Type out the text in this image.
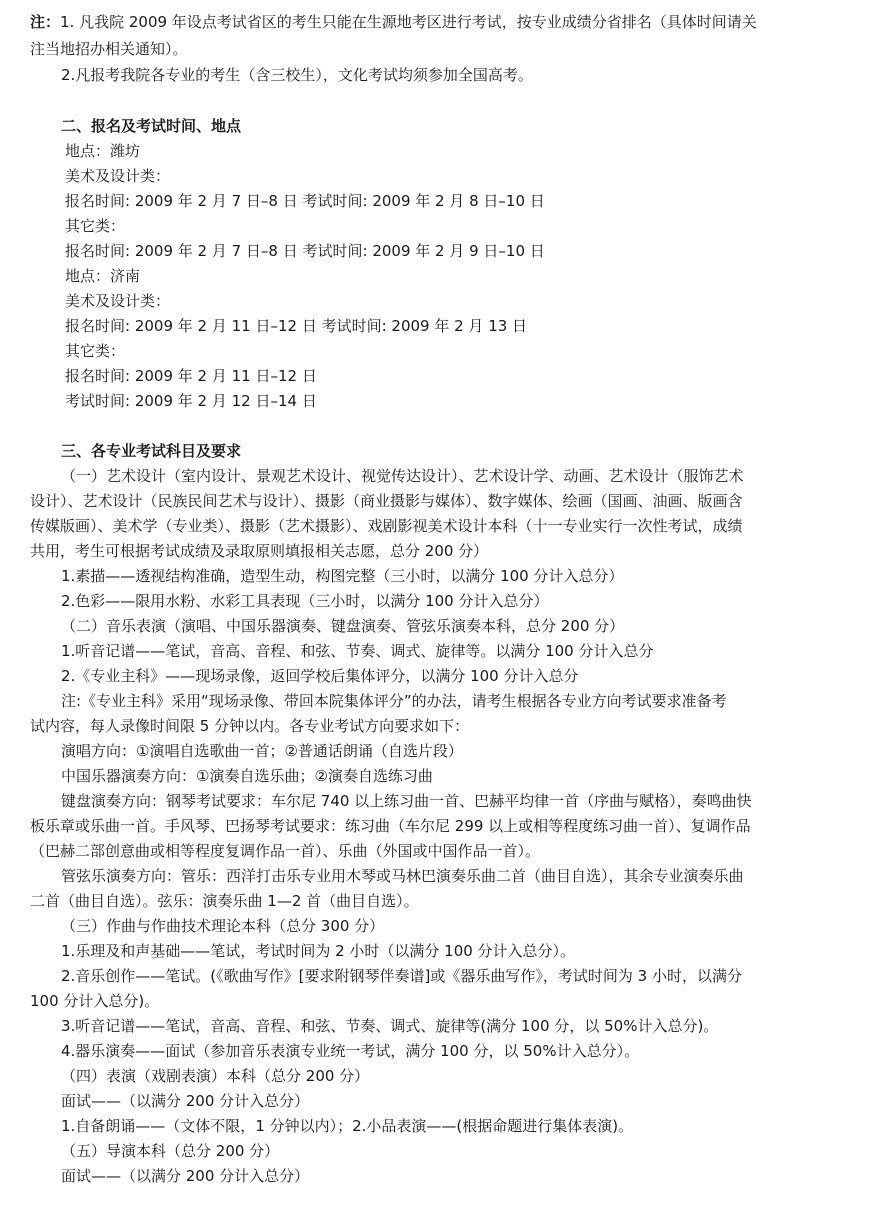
注：1. 凡我院 2009 年设点考试省区的考生只能在生源地考区进行考试，按专业成绩分省排名（具体时间请关
注当地招办相关通知）。
2.凡报考我院各专业的考生（含三校生），文化考试均须参加全国高考。
二、报名及考试时间、地点
地点：潍坊
美术及设计类：
报名时间: 2009 年 2 月 7 日–8 日 考试时间: 2009 年 2 月 8 日–10 日
其它类：
报名时间: 2009 年 2 月 7 日–8 日 考试时间: 2009 年 2 月 9 日–10 日
地点：济南
美术及设计类：
报名时间: 2009 年 2 月 11 日–12 日 考试时间: 2009 年 2 月 13 日
其它类：
报名时间: 2009 年 2 月 11 日–12 日
考试时间: 2009 年 2 月 12 日–14 日
三、各专业考试科目及要求
（一）艺术设计（室内设计、景观艺术设计、视觉传达设计）、艺术设计学、动画、艺术设计（服饰艺术
设计）、艺术设计（民族民间艺术与设计）、摄影（商业摄影与媒体）、数字媒体、绘画（国画、油画、版画含
传媒版画）、美术学（专业类）、摄影（艺术摄影）、戏剧影视美术设计本科（十一专业实行一次性考试，成绩
共用，考生可根据考试成绩及录取原则填报相关志愿，总分 200 分）
1.素描——透视结构准确，造型生动，构图完整（三小时，以满分 100 分计入总分）
2.色彩——限用水粉、水彩工具表现（三小时，以满分 100 分计入总分）
（二）音乐表演（演唱、中国乐器演奏、键盘演奏、管弦乐演奏本科，总分 200 分）
1.听音记谱——笔试，音高、音程、和弦、节奏、调式、旋律等。以满分 100 分计入总分
2.《专业主科》——现场录像，返回学校后集体评分，以满分 100 分计入总分
注:《专业主科》采用“现场录像、带回本院集体评分”的办法，请考生根据各专业方向考试要求准备考
试内容，每人录像时间限 5 分钟以内。各专业考试方向要求如下：
演唱方向：①演唱自选歌曲一首；②普通话朗诵（自选片段）
中国乐器演奏方向：①演奏自选乐曲；②演奏自选练习曲
键盘演奏方向：钢琴考试要求：车尔尼 740 以上练习曲一首、巴赫平均律一首（序曲与赋格），奏鸣曲快
板乐章或乐曲一首。手风琴、巴扬琴考试要求：练习曲（车尔尼 299 以上或相等程度练习曲一首）、复调作品
（巴赫二部创意曲或相等程度复调作品一首）、乐曲（外国或中国作品一首）。
管弦乐演奏方向：管乐：西洋打击乐专业用木琴或马林巴演奏乐曲二首（曲目自选），其余专业演奏乐曲
二首（曲目自选）。弦乐：演奏乐曲 1—2 首（曲目自选）。
（三）作曲与作曲技术理论本科（总分 300 分）
1.乐理及和声基础——笔试，考试时间为 2 小时（以满分 100 分计入总分）。
2.音乐创作——笔试。(《歌曲写作》[要求附钢琴伴奏谱]或《器乐曲写作》，考试时间为 3 小时，以满分
100 分计入总分)。
3.听音记谱——笔试，音高、音程、和弦、节奏、调式、旋律等(满分 100 分，以 50%计入总分)。
4.器乐演奏——面试（参加音乐表演专业统一考试，满分 100 分，以 50%计入总分）。
（四）表演（戏剧表演）本科（总分 200 分）
面试——（以满分 200 分计入总分）
1.自备朗诵——（文体不限，1 分钟以内）；2.小品表演——(根据命题进行集体表演)。
（五）导演本科（总分 200 分）
面试——（以满分 200 分计入总分）
